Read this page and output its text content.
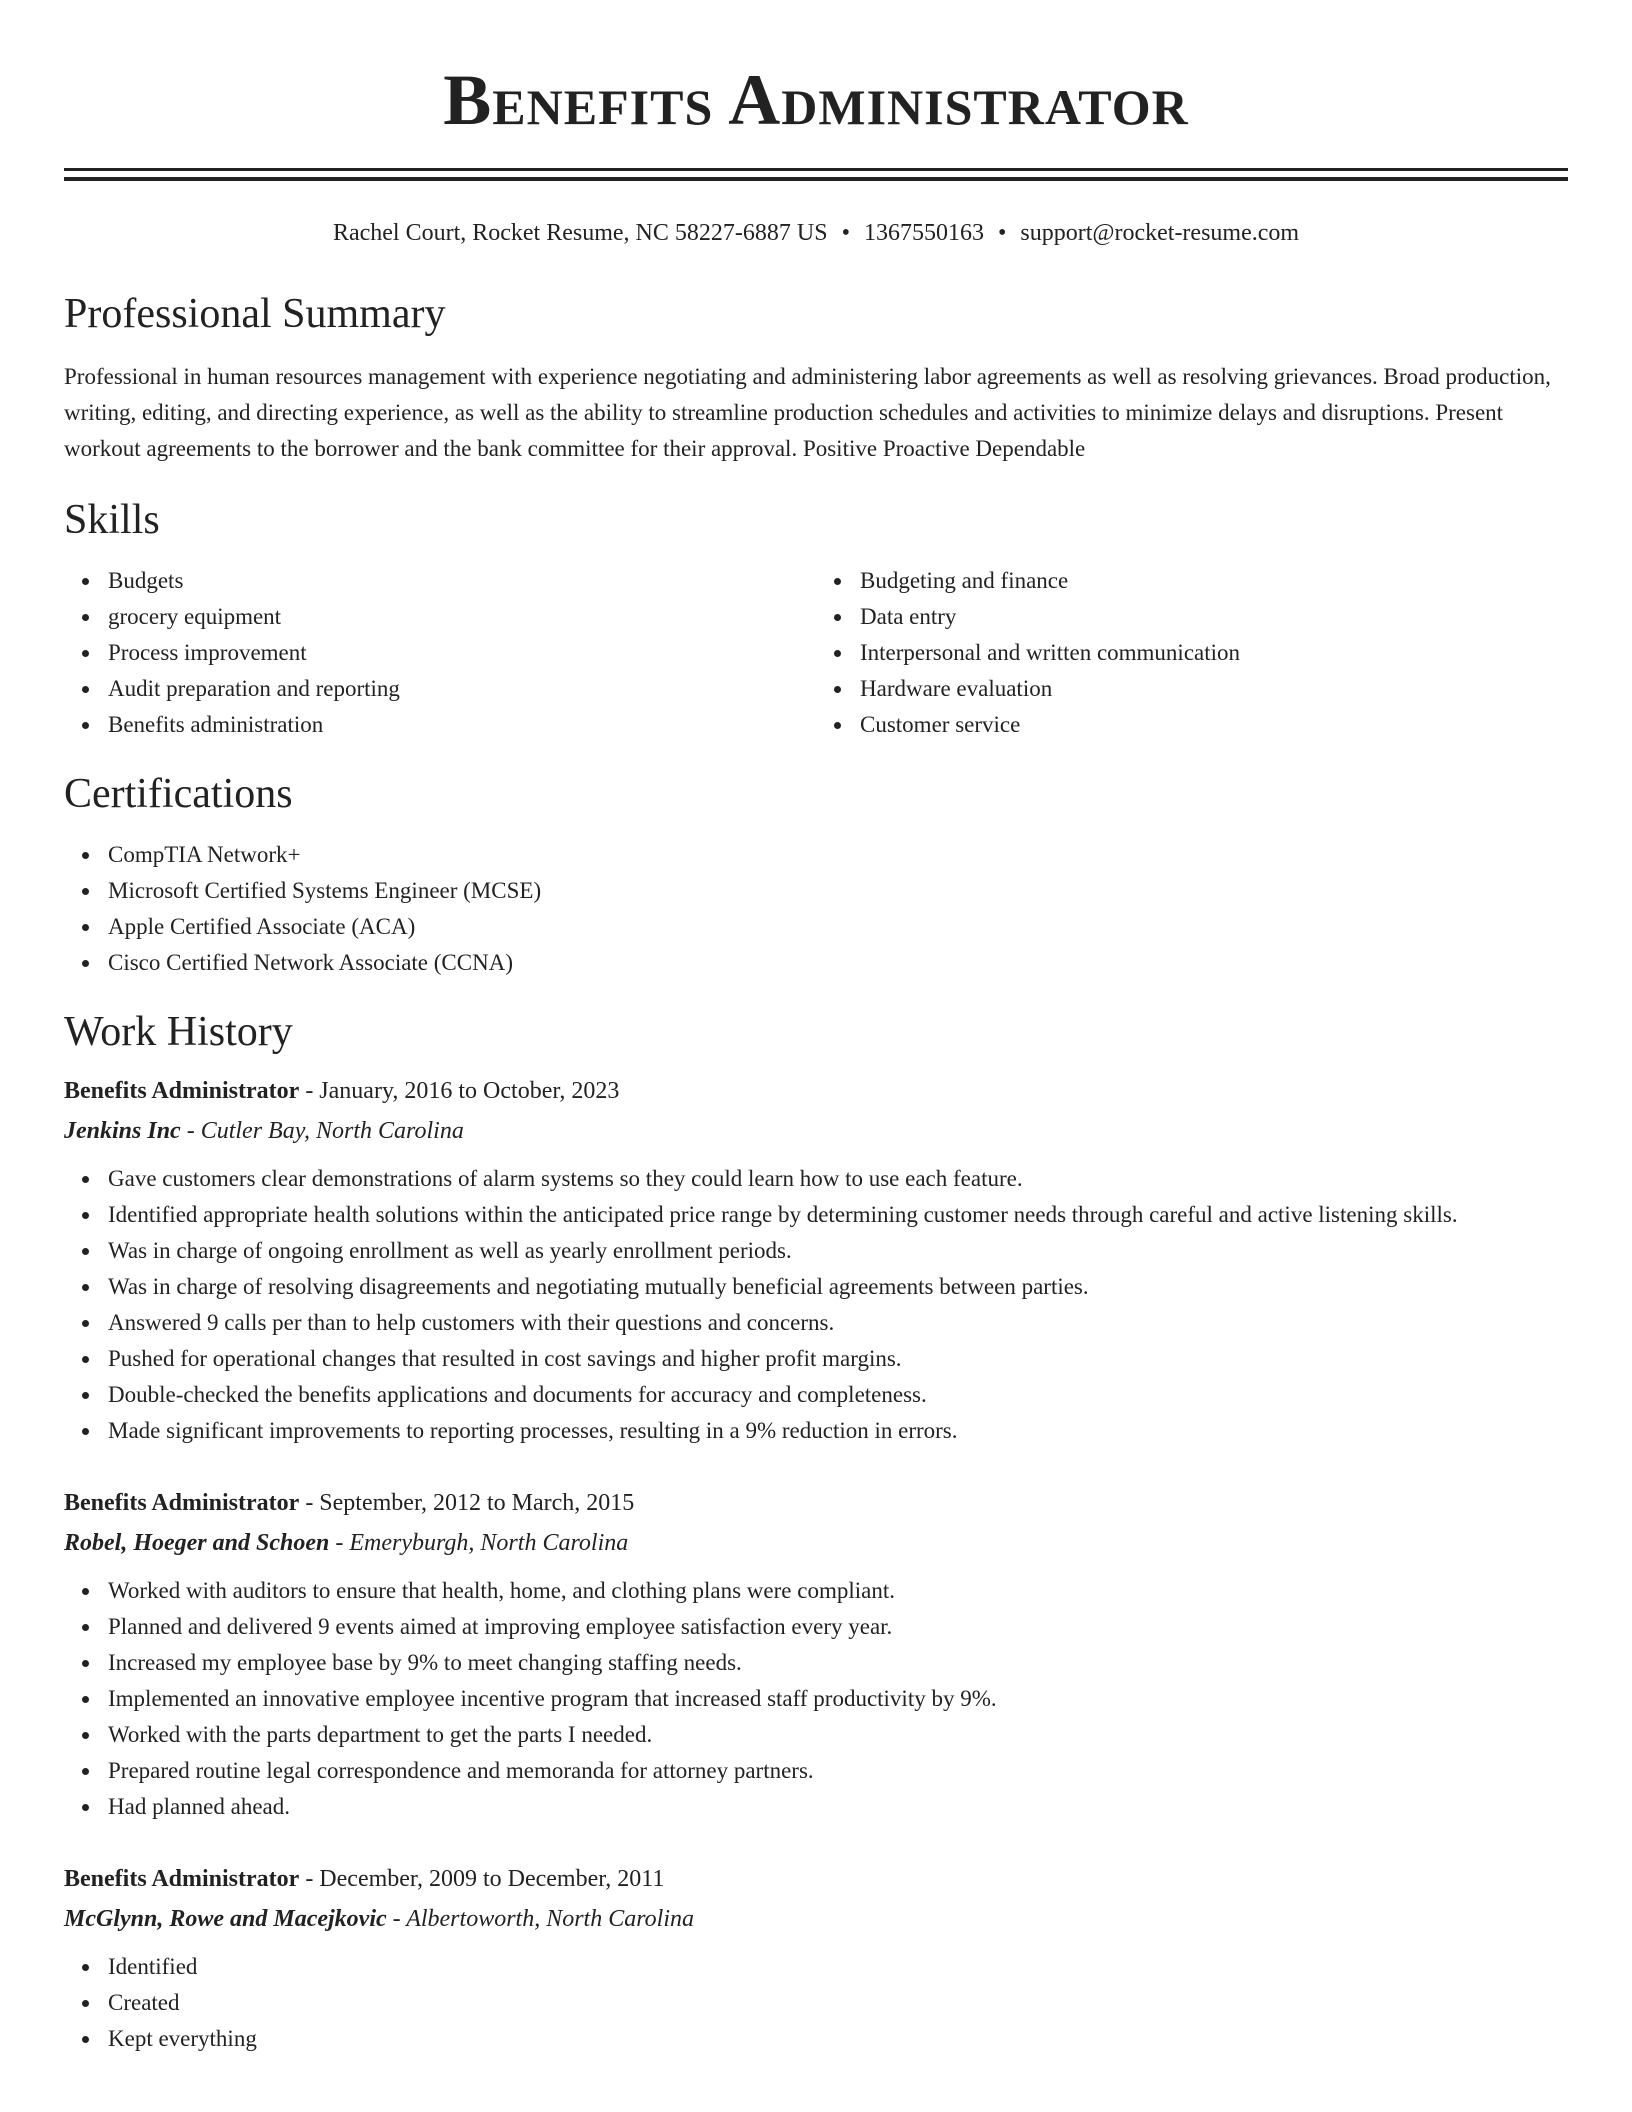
Benefits Administrator
Rachel Court, Rocket Resume, NC 58227-6887 US • 1367550163 • support@rocket-resume.com
Professional Summary

Professional in human resources management with experience negotiating and administering labor agreements as well as resolving grievances. Broad production, writing, editing, and directing experience, as well as the ability to streamline production schedules and activities to minimize delays and disruptions. Present workout agreements to the borrower and the bank committee for their approval. Positive Proactive Dependable

Skills
Budgets
grocery equipment
Process improvement
Audit preparation and reporting
Benefits administration
Budgeting and finance
Data entry
Interpersonal and written communication
Hardware evaluation
Customer service
Certifications
CompTIA Network+
Microsoft Certified Systems Engineer (MCSE)
Apple Certified Associate (ACA)
Cisco Certified Network Associate (CCNA)
Work History
Benefits Administrator - January, 2016 to October, 2023
Jenkins Inc - Cutler Bay, North Carolina
Gave customers clear demonstrations of alarm systems so they could learn how to use each feature.
Identified appropriate health solutions within the anticipated price range by determining customer needs through careful and active listening skills.
Was in charge of ongoing enrollment as well as yearly enrollment periods.
Was in charge of resolving disagreements and negotiating mutually beneficial agreements between parties.
Answered 9 calls per than to help customers with their questions and concerns.
Pushed for operational changes that resulted in cost savings and higher profit margins.
Double-checked the benefits applications and documents for accuracy and completeness.
Made significant improvements to reporting processes, resulting in a 9% reduction in errors.
Benefits Administrator - September, 2012 to March, 2015
Robel, Hoeger and Schoen - Emeryburgh, North Carolina
Worked with auditors to ensure that health, home, and clothing plans were compliant.
Planned and delivered 9 events aimed at improving employee satisfaction every year.
Increased my employee base by 9% to meet changing staffing needs.
Implemented an innovative employee incentive program that increased staff productivity by 9%.
Worked with the parts department to get the parts I needed.
Prepared routine legal correspondence and memoranda for attorney partners.
Had planned ahead.
Benefits Administrator - December, 2009 to December, 2011
McGlynn, Rowe and Macejkovic - Albertoworth, North Carolina
Identified
Created
Kept everything
